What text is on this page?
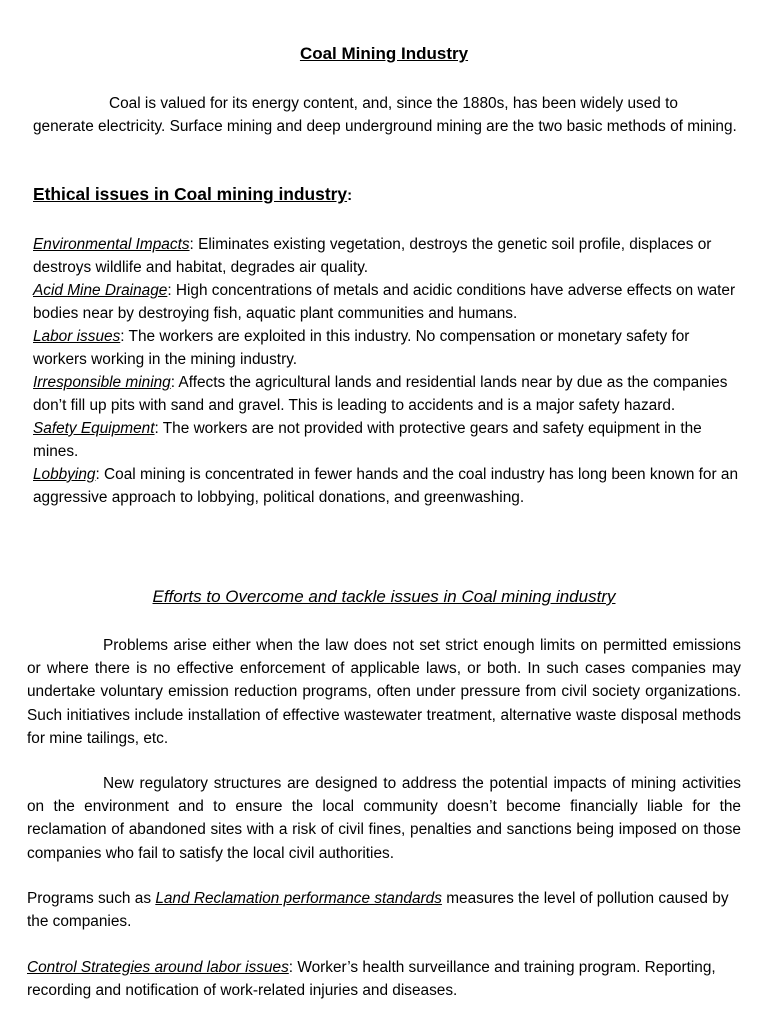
Coal Mining Industry

Coal is valued for its energy content, and, since the 1880s, has been widely used to generate electricity. Surface mining and deep underground mining are the two basic methods of mining.

Ethical issues in Coal mining industry:
Environmental Impacts: Eliminates existing vegetation, destroys the genetic soil profile, displaces or destroys wildlife and habitat, degrades air quality.
Acid Mine Drainage: High concentrations of metals and acidic conditions have adverse effects on water bodies near by destroying fish, aquatic plant communities and humans.
Labor issues: The workers are exploited in this industry. No compensation or monetary safety for workers working in the mining industry.
Irresponsible mining: Affects the agricultural lands and residential lands near by due as the companies don’t fill up pits with sand and gravel. This is leading to accidents and is a major safety hazard.
Safety Equipment: The workers are not provided with protective gears and safety equipment in the mines.
Lobbying: Coal mining is concentrated in fewer hands and the coal industry has long been known for an aggressive approach to lobbying, political donations, and greenwashing.
Efforts to Overcome and tackle issues in Coal mining industry

Problems arise either when the law does not set strict enough limits on permitted emissions or where there is no effective enforcement of applicable laws, or both. In such cases companies may undertake voluntary emission reduction programs, often under pressure from civil society organizations. Such initiatives include installation of effective wastewater treatment, alternative waste disposal methods for mine tailings, etc.

New regulatory structures are designed to address the potential impacts of mining activities on the environment and to ensure the local community doesn’t become financially liable for the reclamation of abandoned sites with a risk of civil fines, penalties and sanctions being imposed on those companies who fail to satisfy the local civil authorities.

Programs such as Land Reclamation performance standards measures the level of pollution caused by the companies.

Control Strategies around labor issues: Worker’s health surveillance and training program. Reporting, recording and notification of work-related injuries and diseases.
